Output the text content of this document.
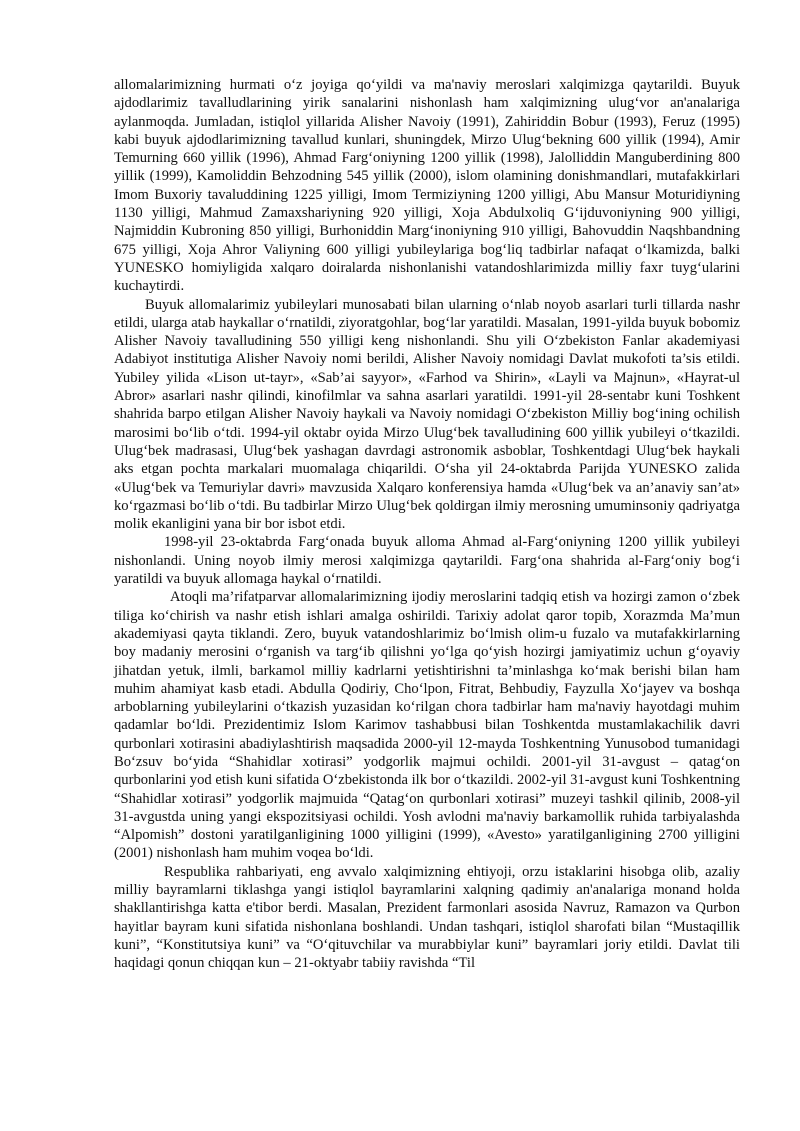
allomalarimizning hurmati o‘z joyiga qo‘yildi va ma'naviy meroslari xalqimizga qaytarildi. Buyuk ajdodlarimiz tavalludlarining yirik sanalarini nishonlash ham xalqimizning ulug‘vor an'analariga aylanmoqda. Jumladan, istiqlol yillarida Alisher Navoiy (1991), Zahiriddin Bobur (1993), Feruz (1995) kabi buyuk ajdodlarimizning tavallud kunlari, shuningdek, Mirzo Ulug‘bekning 600 yillik (1994), Amir Temurning 660 yillik (1996), Ahmad Farg‘oniyning 1200 yillik (1998), Jalolliddin Manguberdining 800 yillik (1999), Kamoliddin Behzodning 545 yillik (2000), islom olamining donishmandlari, mutafakkirlari Imom Buxoriy tavaluddining 1225 yilligi, Imom Termiziyning 1200 yilligi, Abu Mansur Moturidiyning 1130 yilligi, Mahmud Zamaxshariyning 920 yilligi, Xoja Abdulxoliq G‘ijduvoniyning 900 yilligi, Najmiddin Kubroning 850 yilligi, Burhoniddin Marg‘inoniyning 910 yilligi, Bahovuddin Naqshbandning 675 yilligi, Xoja Ahror Valiyning 600 yilligi yubileylariga bog‘liq tadbirlar nafaqat o‘lkamizda, balki YUNESKO homiyligida xalqaro doiralarda nishonlanishi vatandoshlarimizda milliy faxr tuyg‘ularini kuchaytirdi.

Buyuk allomalarimiz yubileylari munosabati bilan ularning o‘nlab noyob asarlari turli tillarda nashr etildi, ularga atab haykallar o‘rnatildi, ziyoratgohlar, bog‘lar yaratildi. Masalan, 1991-yilda buyuk bobomiz Alisher Navoiy tavalludining 550 yilligi keng nishonlandi. Shu yili O‘zbekiston Fanlar akademiyasi Adabiyot institutiga Alisher Navoiy nomi berildi, Alisher Navoiy nomidagi Davlat mukofoti ta’sis etildi. Yubiley yilida «Lison ut-tayr», «Sab’ai sayyor», «Farhod va Shirin», «Layli va Majnun», «Hayrat-ul Abror» asarlari nashr qilindi, kinofilmlar va sahna asarlari yaratildi. 1991-yil 28-sentabr kuni Toshkent shahrida barpo etilgan Alisher Navoiy haykali va Navoiy nomidagi O‘zbekiston Milliy bog‘ining ochilish marosimi bo‘lib o‘tdi. 1994-yil oktabr oyida Mirzo Ulug‘bek tavalludining 600 yillik yubileyi o‘tkazildi. Ulug‘bek madrasasi, Ulug‘bek yashagan davrdagi astronomik asboblar, Toshkentdagi Ulug‘bek haykali aks etgan pochta markalari muomalaga chiqarildi. O‘sha yil 24-oktabrda Parijda YUNESKO zalida «Ulug‘bek va Temuriylar davri» mavzusida Xalqaro konferensiya hamda «Ulug‘bek va an’anaviy san’at» ko‘rgazmasi bo‘lib o‘tdi. Bu tadbirlar Mirzo Ulug‘bek qoldirgan ilmiy merosning umuminsoniy qadriyatga molik ekanligini yana bir bor isbot etdi.

1998-yil 23-oktabrda Farg‘onada buyuk alloma Ahmad al-Farg‘oniyning 1200 yillik yubileyi nishonlandi. Uning noyob ilmiy merosi xalqimizga qaytarildi. Farg‘ona shahrida al-Farg‘oniy bog‘i yaratildi va buyuk allomaga haykal o‘rnatildi.

Atoqli ma’rifatparvar allomalarimizning ijodiy meroslarini tadqiq etish va hozirgi zamon o‘zbek tiliga ko‘chirish va nashr etish ishlari amalga oshirildi. Tarixiy adolat qaror topib, Xorazmda Ma’mun akademiyasi qayta tiklandi. Zero, buyuk vatandoshlarimiz bo‘lmish olim-u fuzalo va mutafakkirlarning boy madaniy merosini o‘rganish va targ‘ib qilishni yo‘lga qo‘yish hozirgi jamiyatimiz uchun g‘oyaviy jihatdan yetuk, ilmli, barkamol milliy kadrlarni yetishtirishni ta’minlashga ko‘mak berishi bilan ham muhim ahamiyat kasb etadi. Abdulla Qodiriy, Cho‘lpon, Fitrat, Behbudiy, Fayzulla Xo‘jayev va boshqa arboblarning yubileylarini o‘tkazish yuzasidan ko‘rilgan chora tadbirlar ham ma'naviy hayotdagi muhim qadamlar bo‘ldi. Prezidentimiz Islom Karimov tashabbusi bilan Toshkentda mustamlakachilik davri qurbonlari xotirasini abadiylashtirish maqsadida 2000-yil 12-mayda Toshkentning Yunusobod tumanidagi Bo‘zsuv bo‘yida “Shahidlar xotirasi” yodgorlik majmui ochildi. 2001-yil 31-avgust – qatag‘on qurbonlarini yod etish kuni sifatida O‘zbekistonda ilk bor o‘tkazildi. 2002-yil 31-avgust kuni Toshkentning “Shahidlar xotirasi” yodgorlik majmuida “Qatag‘on qurbonlari xotirasi” muzeyi tashkil qilinib, 2008-yil 31-avgustda uning yangi ekspozitsiyasi ochildi. Yosh avlodni ma'naviy barkamollik ruhida tarbiyalashda “Alpomish” dostoni yaratilganligining 1000 yilligini (1999), «Avesto» yaratilganligining 2700 yilligini (2001) nishonlash ham muhim voqea bo‘ldi.

Respublika rahbariyati, eng avvalo xalqimizning ehtiyoji, orzu istaklarini hisobga olib, azaliy milliy bayramlarni tiklashga yangi istiqlol bayramlarini xalqning qadimiy an'analariga monand holda shakllantirishga katta e'tibor berdi. Masalan, Prezident farmonlari asosida Navruz, Ramazon va Qurbon hayitlar bayram kuni sifatida nishonlana boshlandi. Undan tashqari, istiqlol sharofati bilan “Mustaqillik kuni”, “Konstitutsiya kuni” va “O‘qituvchilar va murabbiylar kuni” bayramlari joriy etildi. Davlat tili haqidagi qonun chiqqan kun – 21-oktyabr tabiiy ravishda “Til
